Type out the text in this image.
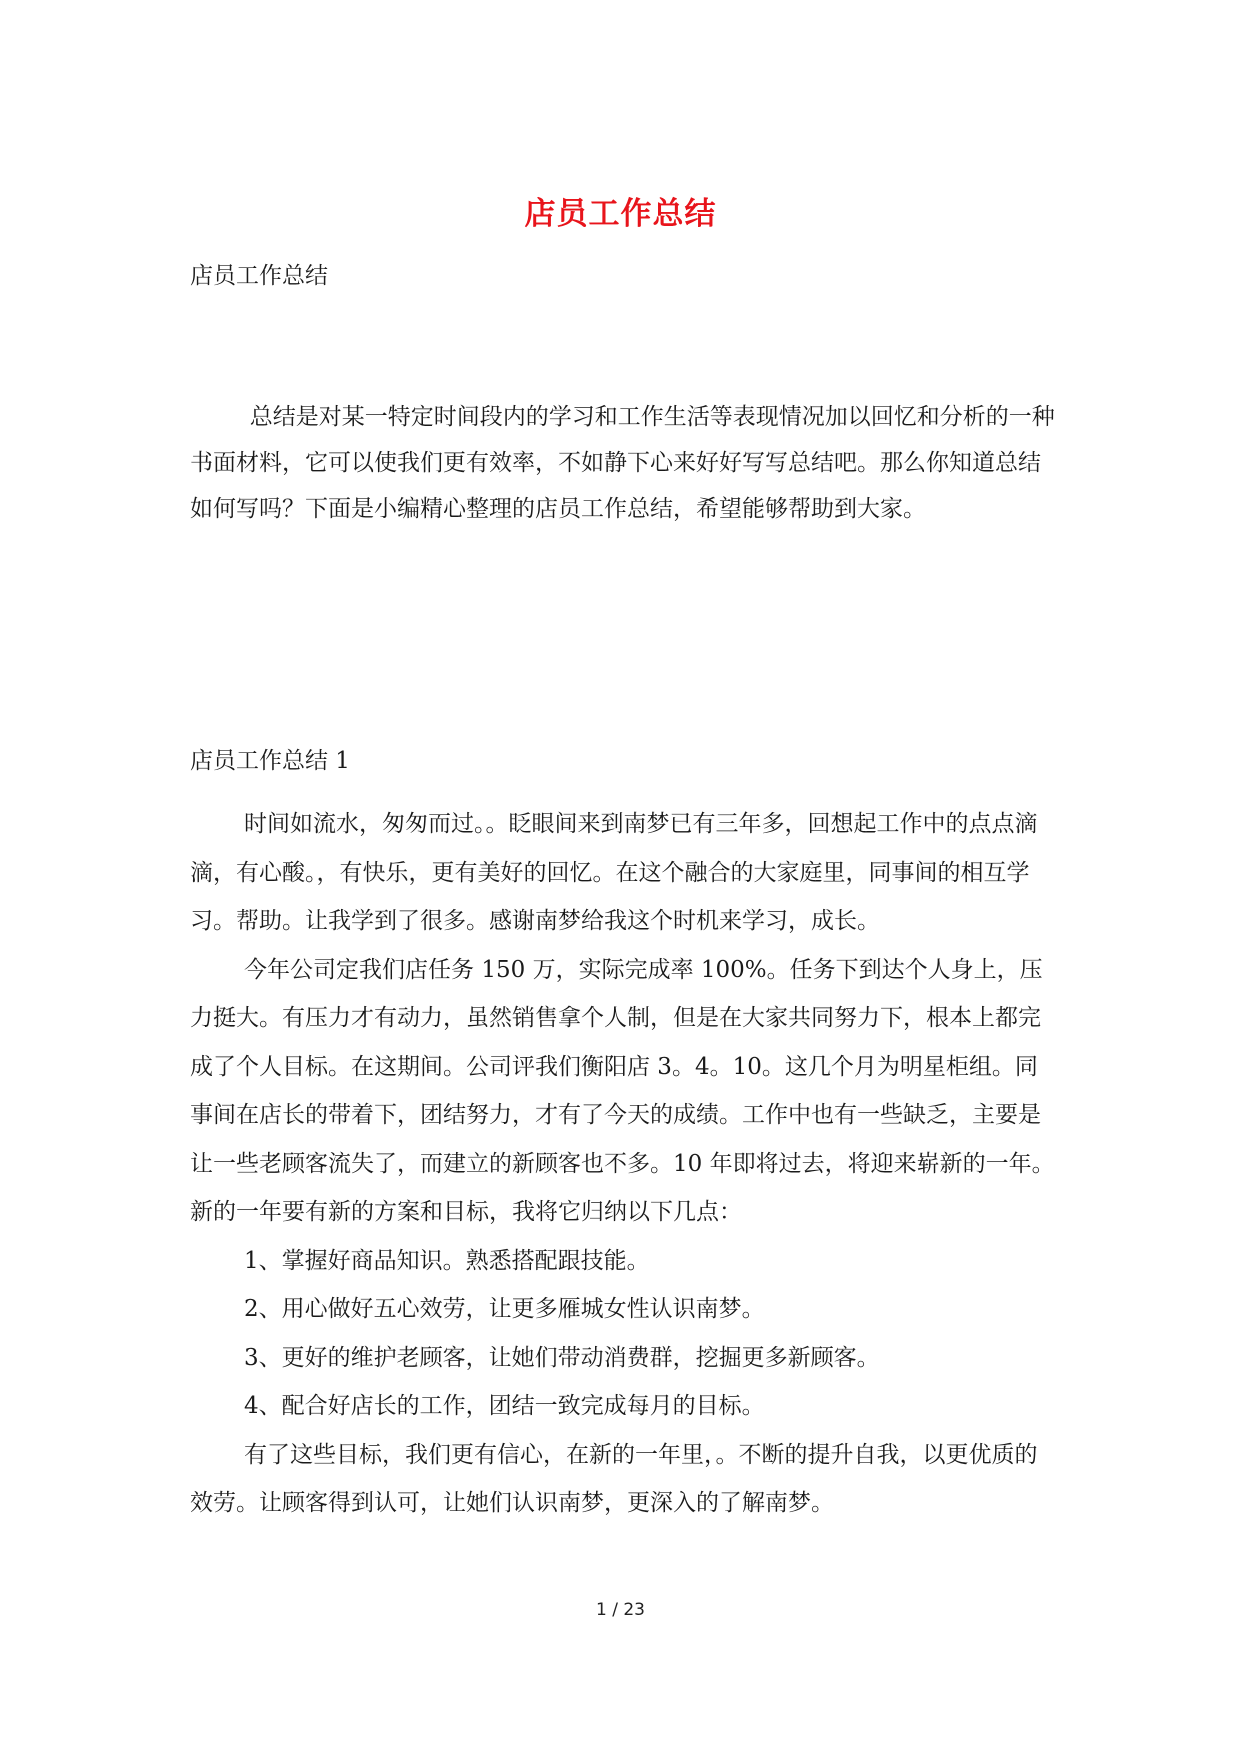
店员工作总结
店员工作总结

总结是对某一特定时间段内的学习和工作生活等表现情况加以回忆和分析的一种书面材料，它可以使我们更有效率，不如静下心来好好写写总结吧。那么你知道总结如何写吗？下面是小编精心整理的店员工作总结，希望能够帮助到大家。

店员工作总结 1

时间如流水，匆匆而过。。眨眼间来到南梦已有三年多，回想起工作中的点点滴滴，有心酸。，有快乐，更有美好的回忆。在这个融合的大家庭里，同事间的相互学习。帮助。让我学到了很多。感谢南梦给我这个时机来学习，成长。

今年公司定我们店任务 150 万，实际完成率 100%。任务下到达个人身上，压力挺大。有压力才有动力，虽然销售拿个人制，但是在大家共同努力下，根本上都完成了个人目标。在这期间。公司评我们衡阳店 3。4。10。这几个月为明星柜组。同事间在店长的带着下，团结努力，才有了今天的成绩。工作中也有一些缺乏，主要是让一些老顾客流失了，而建立的新顾客也不多。10 年即将过去，将迎来崭新的一年。新的一年要有新的方案和目标，我将它归纳以下几点：

1、掌握好商品知识。熟悉搭配跟技能。

2、用心做好五心效劳，让更多雁城女性认识南梦。

3、更好的维护老顾客，让她们带动消费群，挖掘更多新顾客。

4、配合好店长的工作，团结一致完成每月的目标。

有了这些目标，我们更有信心，在新的一年里，。不断的提升自我，以更优质的效劳。让顾客得到认可，让她们认识南梦，更深入的了解南梦。

1 / 23
